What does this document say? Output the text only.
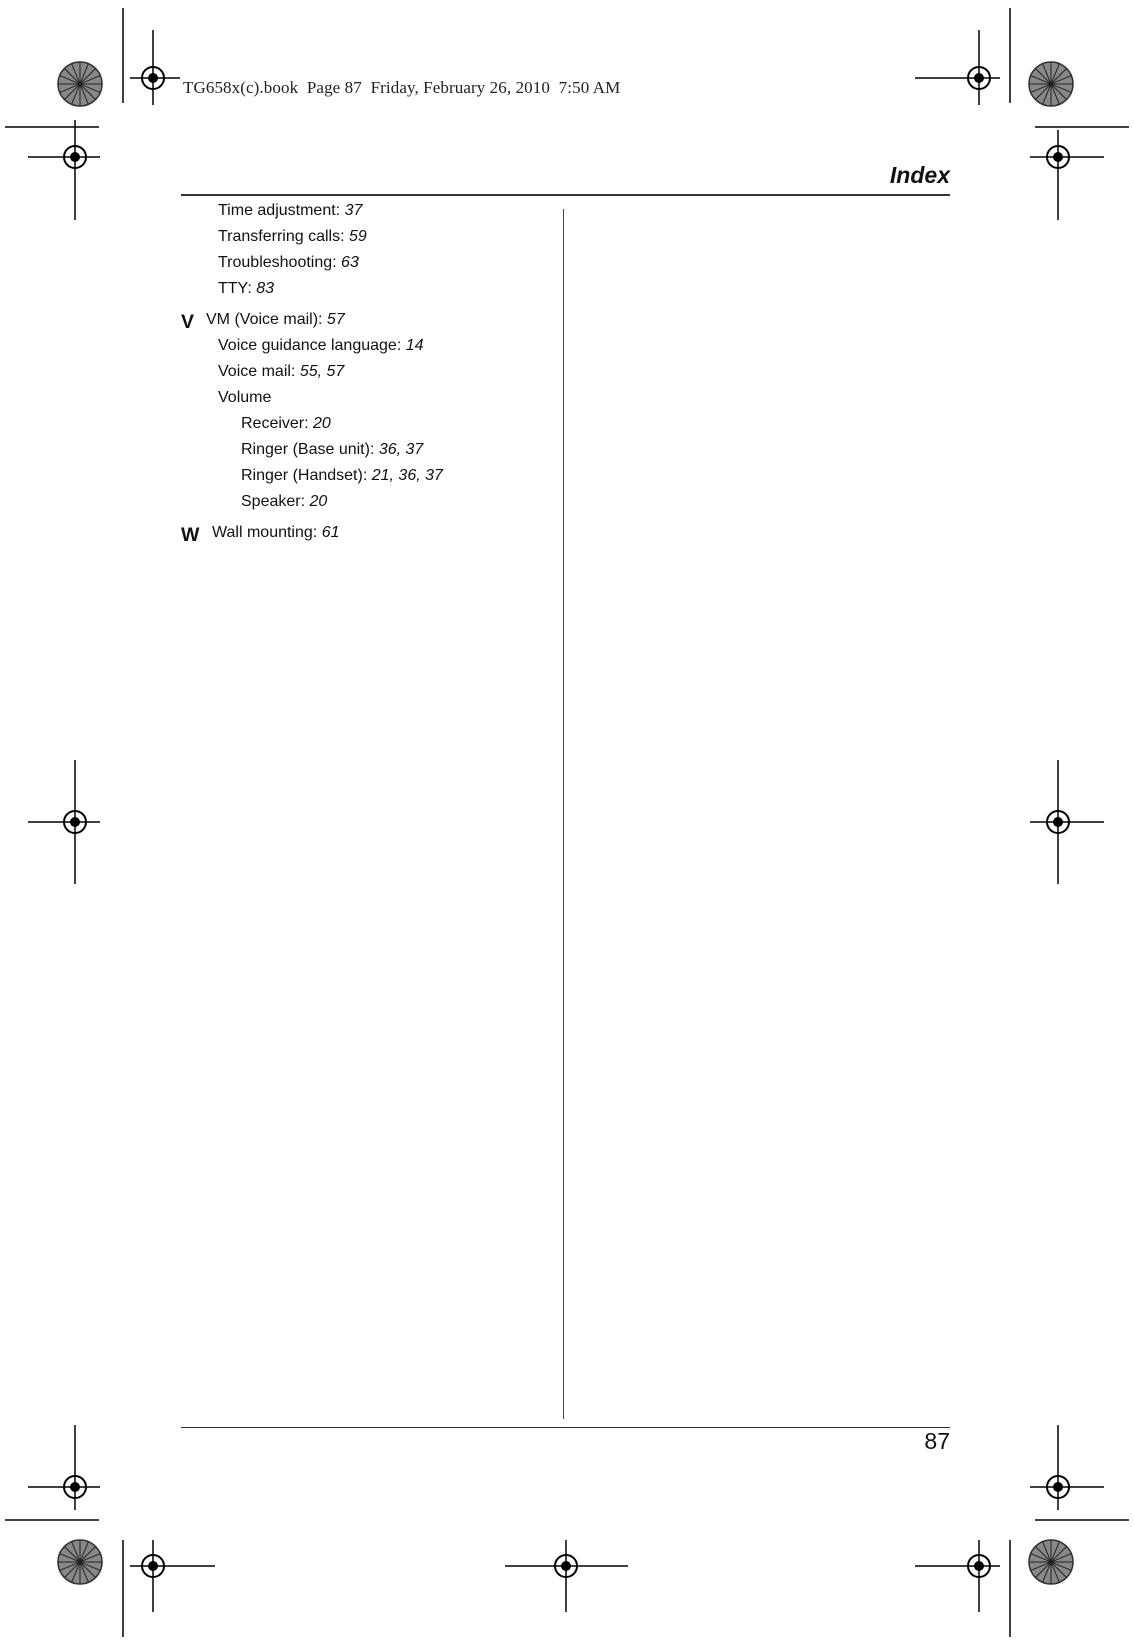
TG658x(c).book  Page 87  Friday, February 26, 2010  7:50 AM
Index
Time adjustment: 37
Transferring calls: 59
Troubleshooting: 63
TTY: 83
V VM (Voice mail): 57
Voice guidance language: 14
Voice mail: 55, 57
Volume
Receiver: 20
Ringer (Base unit): 36, 37
Ringer (Handset): 21, 36, 37
Speaker: 20
W Wall mounting: 61
87
